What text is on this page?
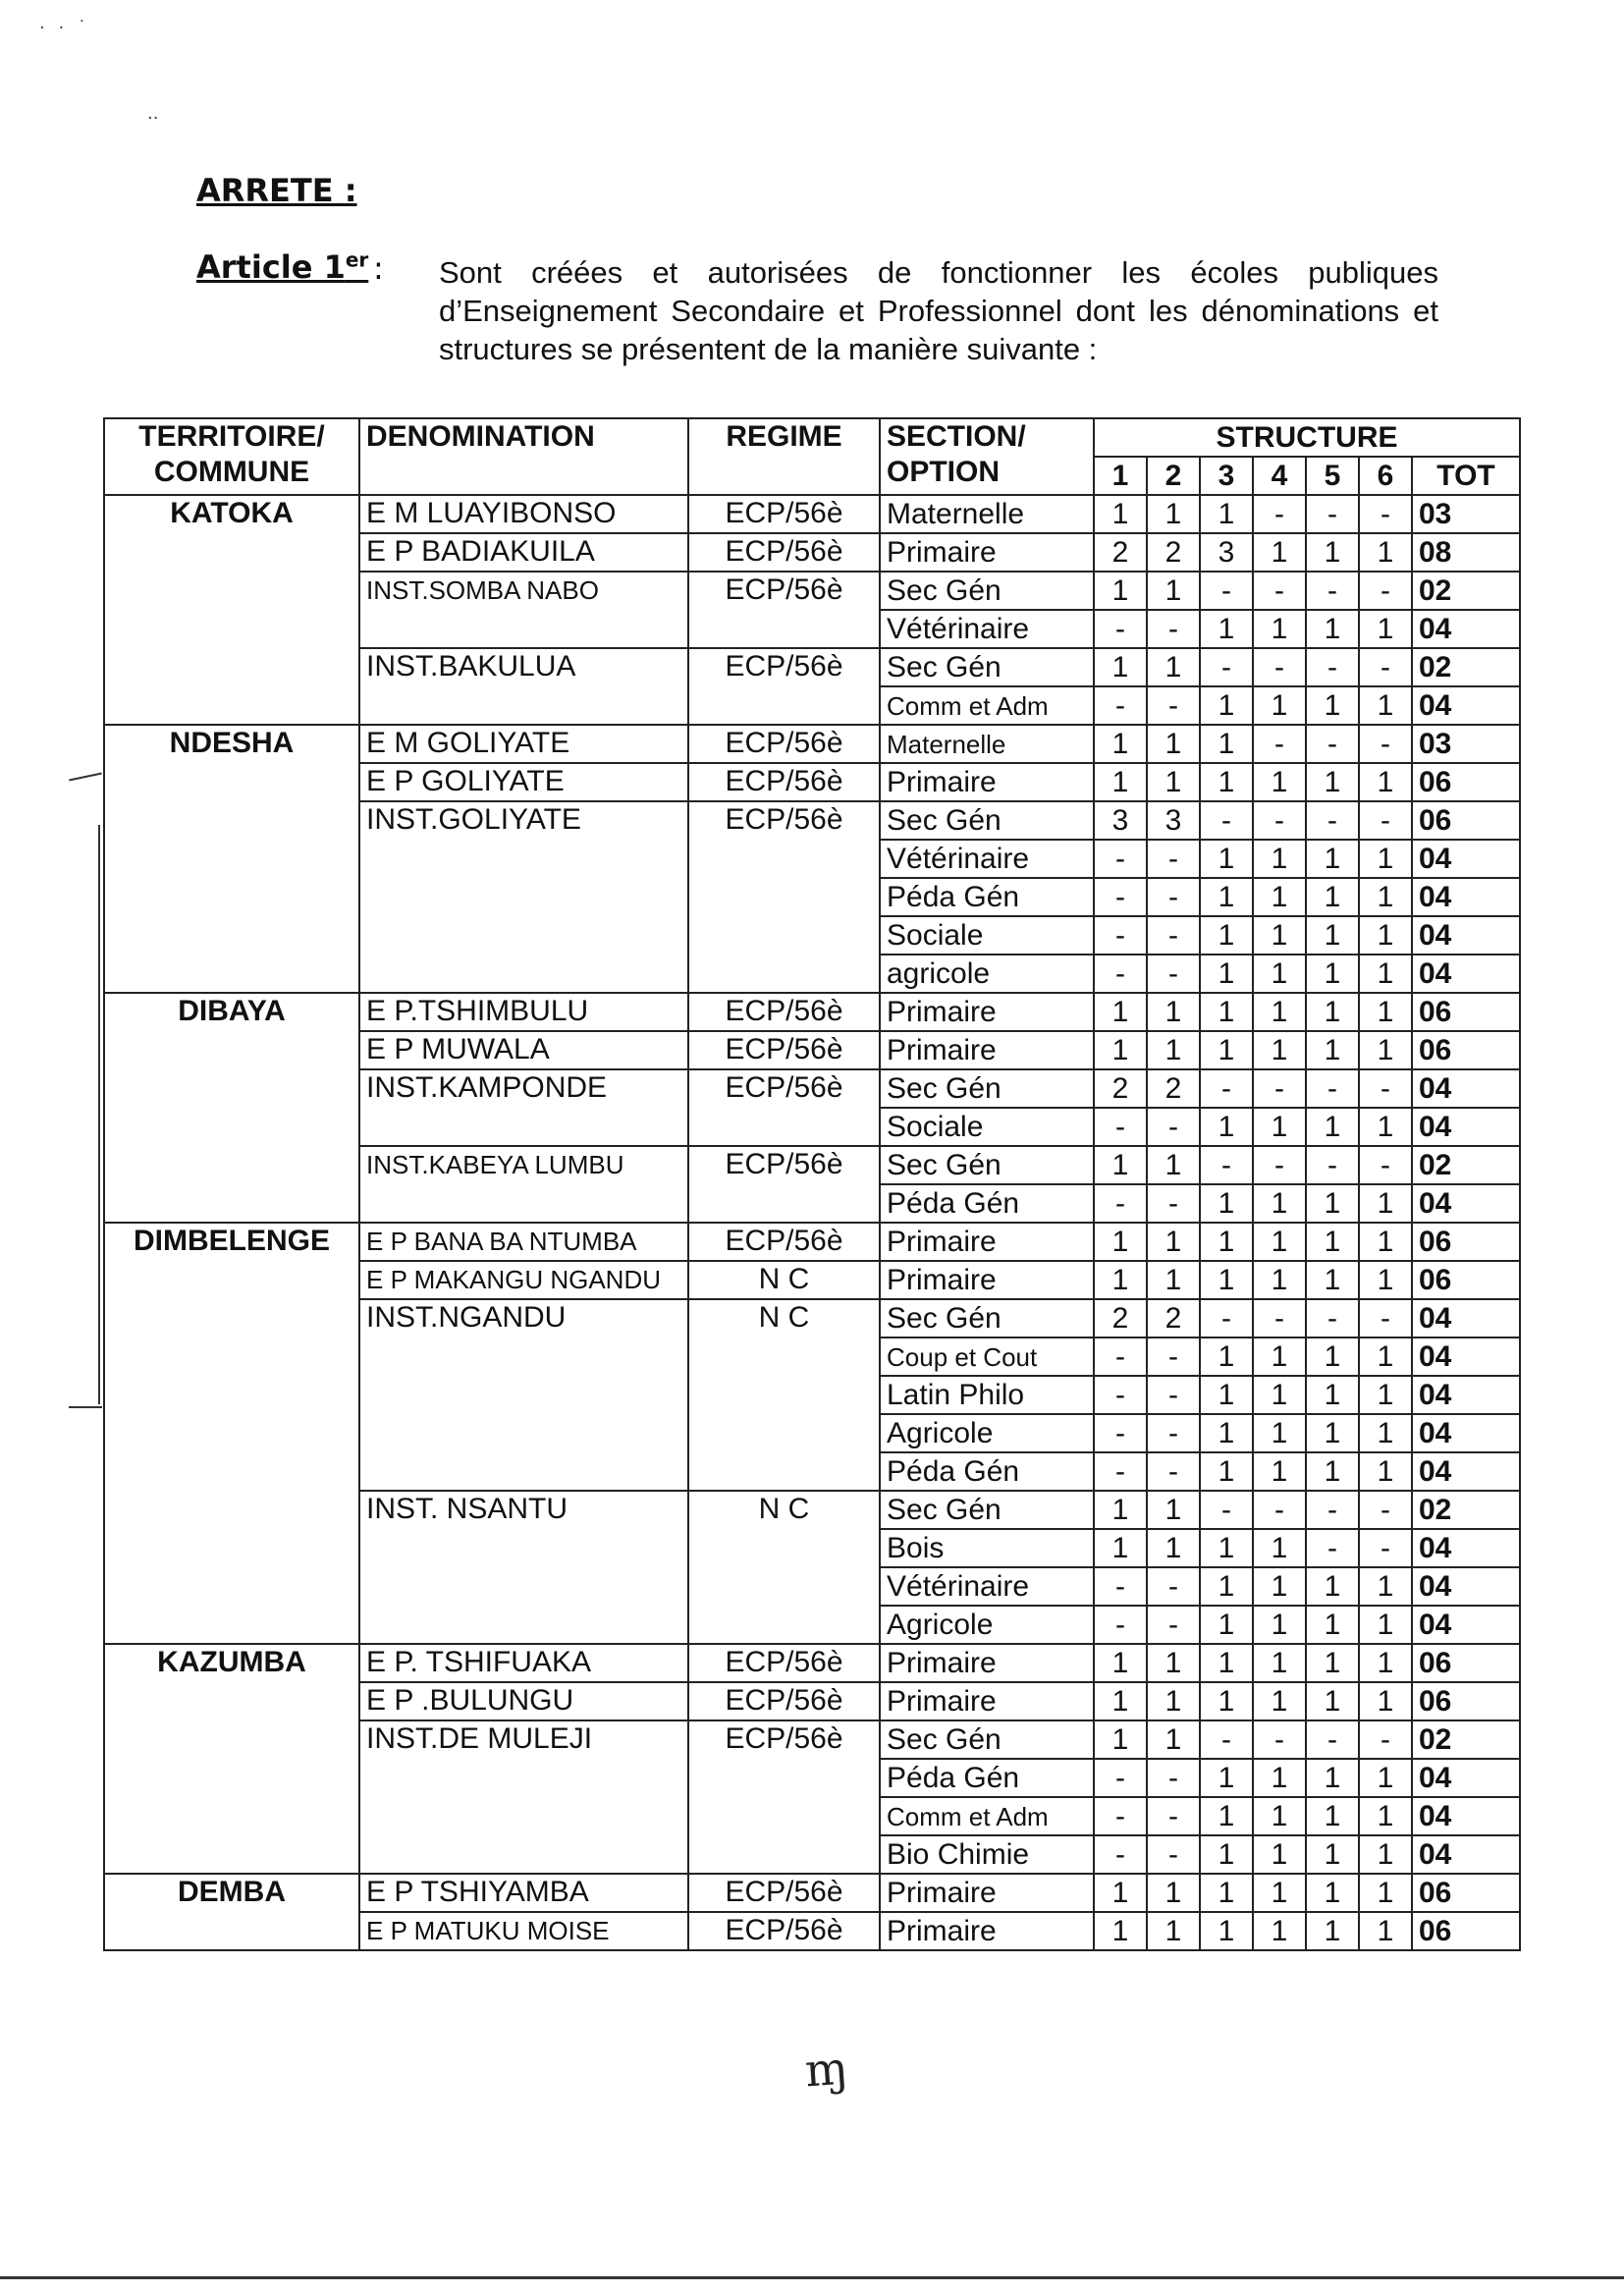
· · ˙
··
ARRETE :
Article 1er : Sont créées et autorisées de fonctionner les écoles publiques d’Enseignement Secondaire et Professionnel dont les dénominations et structures se présentent de la manière suivante :
TERRITOIRE/ COMMUNE	DENOMINATION	REGIME	SECTION/ OPTION	STRUCTURE						
				1	2	3	4	5	6	TOT
KATOKA	E M LUAYIBONSO	ECP/56è	Maternelle	1	1	1	-	-	-	03
	E P BADIAKUILA	ECP/56è	Primaire	2	2	3	1	1	1	08
	INST.SOMBA NABO	ECP/56è	Sec Gén	1	1	-	-	-	-	02
			Vétérinaire	-	-	1	1	1	1	04
	INST.BAKULUA	ECP/56è	Sec Gén	1	1	-	-	-	-	02
			Comm et Adm	-	-	1	1	1	1	04
NDESHA	E M GOLIYATE	ECP/56è	Maternelle	1	1	1	-	-	-	03
	E P GOLIYATE	ECP/56è	Primaire	1	1	1	1	1	1	06
	INST.GOLIYATE	ECP/56è	Sec Gén	3	3	-	-	-	-	06
			Vétérinaire	-	-	1	1	1	1	04
			Péda Gén	-	-	1	1	1	1	04
			Sociale	-	-	1	1	1	1	04
			agricole	-	-	1	1	1	1	04
DIBAYA	E P.TSHIMBULU	ECP/56è	Primaire	1	1	1	1	1	1	06
	E P MUWALA	ECP/56è	Primaire	1	1	1	1	1	1	06
	INST.KAMPONDE	ECP/56è	Sec Gén	2	2	-	-	-	-	04
			Sociale	-	-	1	1	1	1	04
	INST.KABEYA LUMBU	ECP/56è	Sec Gén	1	1	-	-	-	-	02
			Péda Gén	-	-	1	1	1	1	04
DIMBELENGE	E P BANA BA NTUMBA	ECP/56è	Primaire	1	1	1	1	1	1	06
	E P MAKANGU NGANDU	N C	Primaire	1	1	1	1	1	1	06
	INST.NGANDU	N C	Sec Gén	2	2	-	-	-	-	04
			Coup et Cout	-	-	1	1	1	1	04
			Latin Philo	-	-	1	1	1	1	04
			Agricole	-	-	1	1	1	1	04
			Péda Gén	-	-	1	1	1	1	04
	INST. NSANTU	N C	Sec Gén	1	1	-	-	-	-	02
			Bois	1	1	1	1	-	-	04
			Vétérinaire	-	-	1	1	1	1	04
			Agricole	-	-	1	1	1	1	04
KAZUMBA	E P. TSHIFUAKA	ECP/56è	Primaire	1	1	1	1	1	1	06
	E P .BULUNGU	ECP/56è	Primaire	1	1	1	1	1	1	06
	INST.DE MULEJI	ECP/56è	Sec Gén	1	1	-	-	-	-	02
			Péda Gén	-	-	1	1	1	1	04
			Comm et Adm	-	-	1	1	1	1	04
			Bio Chimie	-	-	1	1	1	1	04
DEMBA	E P TSHIYAMBA	ECP/56è	Primaire	1	1	1	1	1	1	06
	E P MATUKU MOISE	ECP/56è	Primaire	1	1	1	1	1	1	06
ɱ
